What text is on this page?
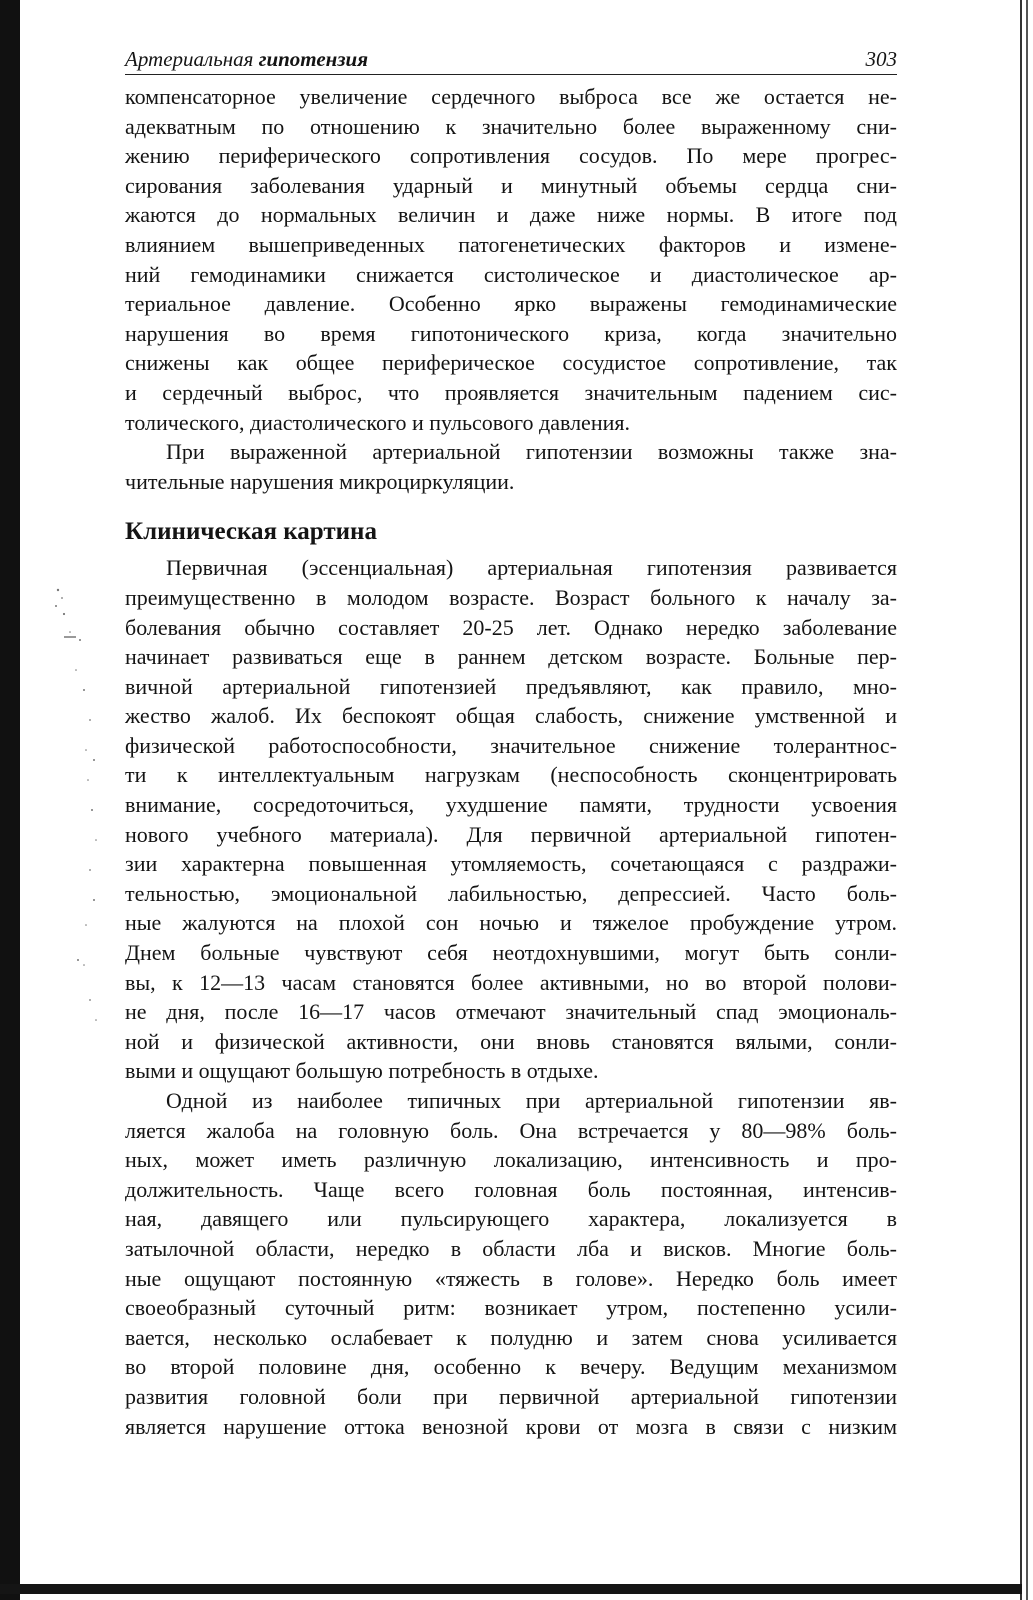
Артериальная гипотензия	303
компенсаторное увеличение сердечного выброса все же остается не-
адекватным по отношению к значительно более выраженному сни-
жению периферического сопротивления сосудов. По мере прогрес-
сирования заболевания ударный и минутный объемы сердца сни-
жаются до нормальных величин и даже ниже нормы. В итоге под
влиянием вышеприведенных патогенетических факторов и измене-
ний гемодинамики снижается систолическое и диастолическое ар-
териальное давление. Особенно ярко выражены гемодинамические
нарушения во время гипотонического криза, когда значительно
снижены как общее периферическое сосудистое сопротивление, так
и сердечный выброс, что проявляется значительным падением сис-
толического, диастолического и пульсового давления.
При выраженной артериальной гипотензии возможны также зна-
чительные нарушения микроциркуляции.
Клиническая картина
Первичная (эссенциальная) артериальная гипотензия развивается
преимущественно в молодом возрасте. Возраст больного к началу за-
болевания обычно составляет 20-25 лет. Однако нередко заболевание
начинает развиваться еще в раннем детском возрасте. Больные пер-
вичной артериальной гипотензией предъявляют, как правило, мно-
жество жалоб. Их беспокоят общая слабость, снижение умственной и
физической работоспособности, значительное снижение толерантнос-
ти к интеллектуальным нагрузкам (неспособность сконцентрировать
внимание, сосредоточиться, ухудшение памяти, трудности усвоения
нового учебного материала). Для первичной артериальной гипотен-
зии характерна повышенная утомляемость, сочетающаяся с раздражи-
тельностью, эмоциональной лабильностью, депрессией. Часто боль-
ные жалуются на плохой сон ночью и тяжелое пробуждение утром.
Днем больные чувствуют себя неотдохнувшими, могут быть сонли-
вы, к 12—13 часам становятся более активными, но во второй полови-
не дня, после 16—17 часов отмечают значительный спад эмоциональ-
ной и физической активности, они вновь становятся вялыми, сонли-
выми и ощущают большую потребность в отдыхе.
Одной из наиболее типичных при артериальной гипотензии яв-
ляется жалоба на головную боль. Она встречается у 80—98% боль-
ных, может иметь различную локализацию, интенсивность и про-
должительность. Чаще всего головная боль постоянная, интенсив-
ная, давящего или пульсирующего характера, локализуется в
затылочной области, нередко в области лба и висков. Многие боль-
ные ощущают постоянную «тяжесть в голове». Нередко боль имеет
своеобразный суточный ритм: возникает утром, постепенно усили-
вается, несколько ослабевает к полудню и затем снова усиливается
во второй половине дня, особенно к вечеру. Ведущим механизмом
развития головной боли при первичной артериальной гипотензии
является нарушение оттока венозной крови от мозга в связи с низким
